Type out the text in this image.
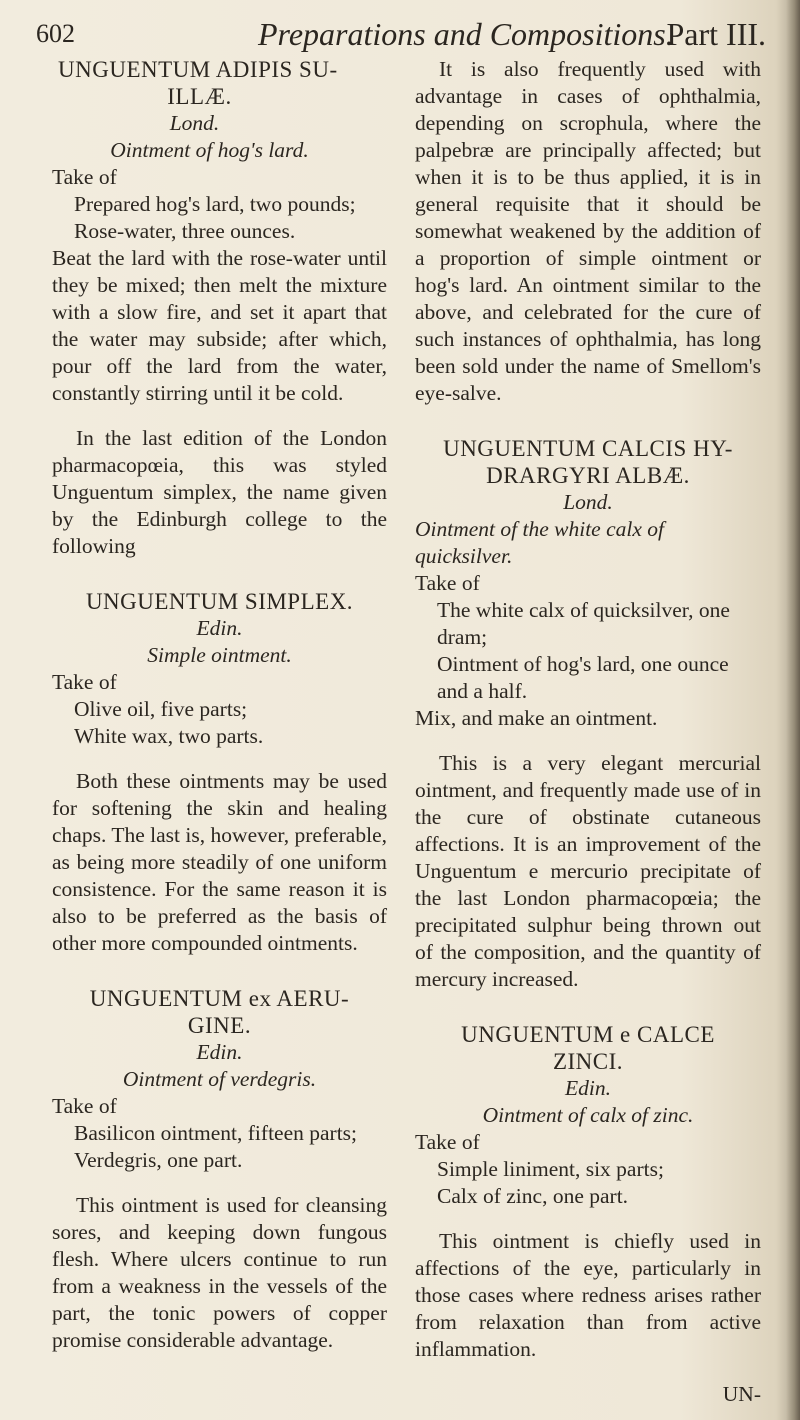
602	Preparations and Compositions.
Part III.
UNGUENTUM ADIPIS SU-
ILLÆ.
Lond.
Ointment of hog's lard.
Take of
Prepared hog's lard, two pounds;
Rose-water, three ounces.
Beat the lard with the rose-water until they be mixed; then melt the mixture with a slow fire, and set it apart that the water may subside; after which, pour off the lard from the water, constantly stirring until it be cold.
In the last edition of the London pharmacopœia, this was styled Unguentum simplex, the name given by the Edinburgh college to the following
UNGUENTUM SIMPLEX.
Edin.
Simple ointment.
Take of
Olive oil, five parts;
White wax, two parts.
Both these ointments may be used for softening the skin and healing chaps. The last is, however, preferable, as being more steadily of one uniform consistence. For the same reason it is also to be preferred as the basis of other more compounded ointments.
UNGUENTUM ex AERU-
GINE.
Edin.
Ointment of verdegris.
Take of
Basilicon ointment, fifteen parts;
Verdegris, one part.
This ointment is used for cleansing sores, and keeping down fungous flesh. Where ulcers continue to run from a weakness in the vessels of the part, the tonic powers of copper promise considerable advantage.
It is also frequently used with advantage in cases of ophthalmia, depending on scrophula, where the palpebræ are principally affected; but when it is to be thus applied, it is in general requisite that it should be somewhat weakened by the addition of a proportion of simple ointment or hog's lard. An ointment similar to the above, and celebrated for the cure of such instances of ophthalmia, has long been sold under the name of Smellom's eye-salve.
UNGUENTUM CALCIS HY-
DRARGYRI ALBÆ.
Lond.
Ointment of the white calx of quicksilver.
Take of
The white calx of quicksilver, one dram;
Ointment of hog's lard, one ounce and a half.
Mix, and make an ointment.
This is a very elegant mercurial ointment, and frequently made use of in the cure of obstinate cutaneous affections. It is an improvement of the Unguentum e mercurio precipitate of the last London pharmacopœia; the precipitated sulphur being thrown out of the composition, and the quantity of mercury increased.
UNGUENTUM e CALCE
ZINCI.
Edin.
Ointment of calx of zinc.
Take of
Simple liniment, six parts;
Calx of zinc, one part.
This ointment is chiefly used in affections of the eye, particularly in those cases where redness arises rather from relaxation than from active inflammation.
UN-
